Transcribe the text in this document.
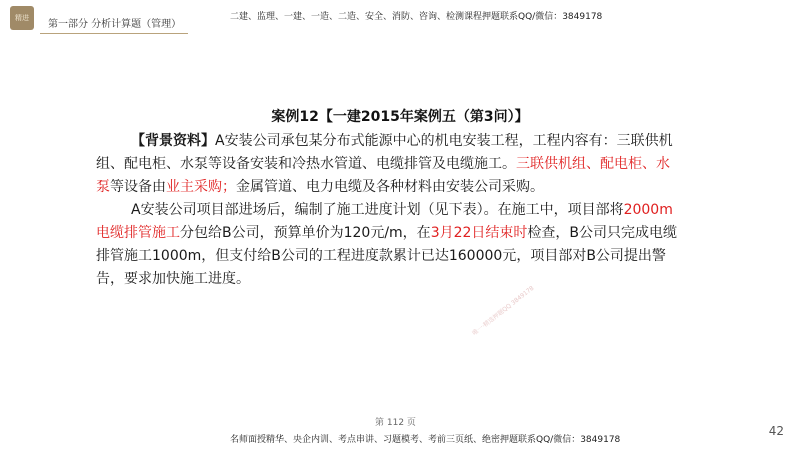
精进
第一部分 分析计算题（管理）
二建、监理、一建、一造、二造、安全、消防、咨询、检测课程押题联系QQ/微信：3849178
案例12【一建2015年案例五（第3问）】

【背景资料】A安装公司承包某分布式能源中心的机电安装工程，工程内容有：三联供机组、配电柜、水泵等设备安装和冷热水管道、电缆排管及电缆施工。三联供机组、配电柜、水泵等设备由业主采购；金属管道、电力电缆及各种材料由安装公司采购。

A安装公司项目部进场后，编制了施工进度计划（见下表）。在施工中，项目部将2000m电缆排管施工分包给B公司，预算单价为120元/m，在3月22日结束时检查，B公司只完成电缆排管施工1000m，但支付给B公司的工程进度款累计已达160000元，项目部对B公司提出警告，要求加快施工进度。

唯一·精选押题QQ 3849178
第 112 页
名师面授精华、央企内训、考点串讲、习题模考、考前三页纸、绝密押题联系QQ/微信：3849178
42
